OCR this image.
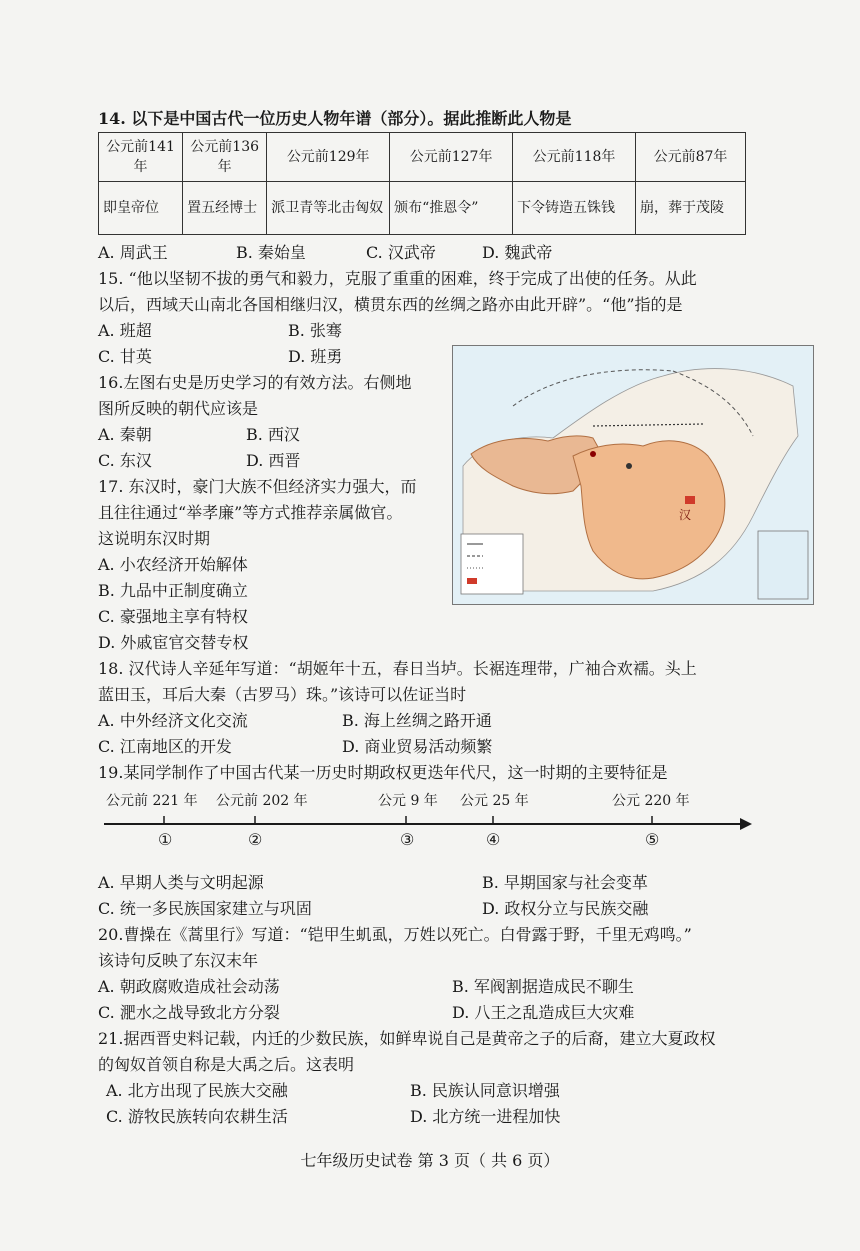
14. 以下是中国古代一位历史人物年谱（部分）。据此推断此人物是
公元前141年	公元前136年	公元前129年	公元前127年	公元前118年	公元前87年
即皇帝位	置五经博士	派卫青等北击匈奴	颁布“推恩令”	下令铸造五铢钱	崩，葬于茂陵
A. 周武王	B. 秦始皇	C. 汉武帝	D. 魏武帝
15. “他以坚韧不拔的勇气和毅力，克服了重重的困难，终于完成了出使的任务。从此
以后，西域天山南北各国相继归汉，横贯东西的丝绸之路亦由此开辟”。“他”指的是
A. 班超	B. 张骞
C. 甘英	D. 班勇
16.左图右史是历史学习的有效方法。右侧地
图所反映的朝代应该是
A. 秦朝	B. 西汉
C. 东汉	D. 西晋
汉
17. 东汉时，豪门大族不但经济实力强大，而
且往往通过“举孝廉”等方式推荐亲属做官。
这说明东汉时期
A. 小农经济开始解体
B. 九品中正制度确立
C. 豪强地主享有特权
D. 外戚宦官交替专权
18. 汉代诗人辛延年写道：“胡姬年十五，春日当垆。长裾连理带，广袖合欢襦。头上
蓝田玉，耳后大秦（古罗马）珠。”该诗可以佐证当时
A. 中外经济文化交流	B. 海上丝绸之路开通
C. 江南地区的开发	D. 商业贸易活动频繁
19.某同学制作了中国古代某一历史时期政权更迭年代尺，这一时期的主要特征是
公元前 221 年 公元前 202 年	公元 9 年 公元 25 年	公元 220 年
①	②	③	④	⑤
A. 早期人类与文明起源	B. 早期国家与社会变革
C. 统一多民族国家建立与巩固	D. 政权分立与民族交融
20.曹操在《蒿里行》写道：“铠甲生虮虱，万姓以死亡。白骨露于野，千里无鸡鸣。”
该诗句反映了东汉末年
A. 朝政腐败造成社会动荡	B. 军阀割据造成民不聊生
C. 淝水之战导致北方分裂	D. 八王之乱造成巨大灾难
21.据西晋史料记载，内迁的少数民族，如鲜卑说自己是黄帝之子的后裔，建立大夏政权
的匈奴首领自称是大禹之后。这表明
A. 北方出现了民族大交融	B. 民族认同意识增强
C. 游牧民族转向农耕生活	D. 北方统一进程加快
七年级历史试卷 第 3 页（ 共 6 页）
